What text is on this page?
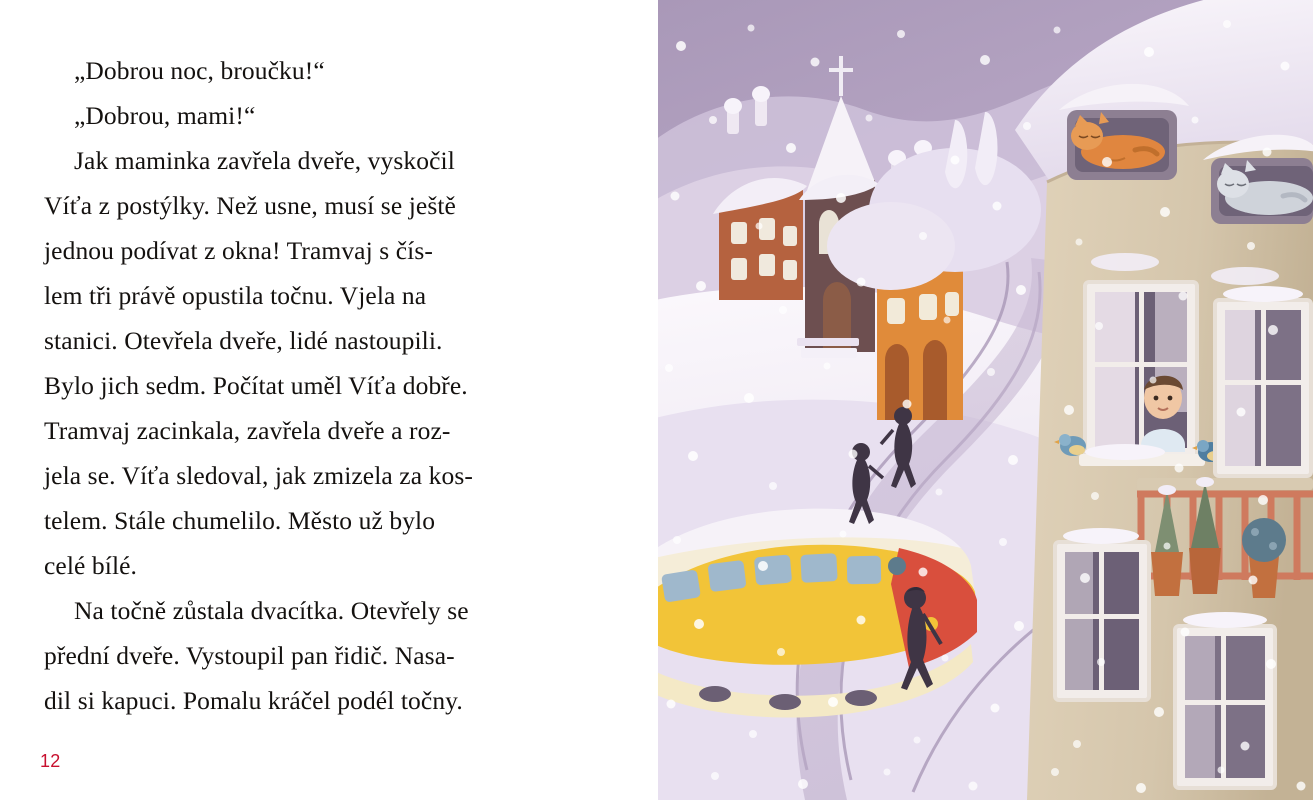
„Dobrou noc, broučku!“

„Dobrou, mami!“

Jak maminka zavřela dveře, vyskočil
Víťa z postýlky. Než usne, musí se ještě
jednou podívat z okna! Tramvaj s čís-
lem tři právě opustila točnu. Vjela na
stanici. Otevřela dveře, lidé nastoupili.
Bylo jich sedm. Počítat uměl Víťa dobře.
Tramvaj zacinkala, zavřela dveře a roz-
jela se. Víťa sledoval, jak zmizela za kos-
telem. Stále chumelilo. Město už bylo
celé bílé.

Na točně zůstala dvacítka. Otevřely se
přední dveře. Vystoupil pan řidič. Nasa-
dil si kapuci. Pomalu kráčel podél točny.

12
